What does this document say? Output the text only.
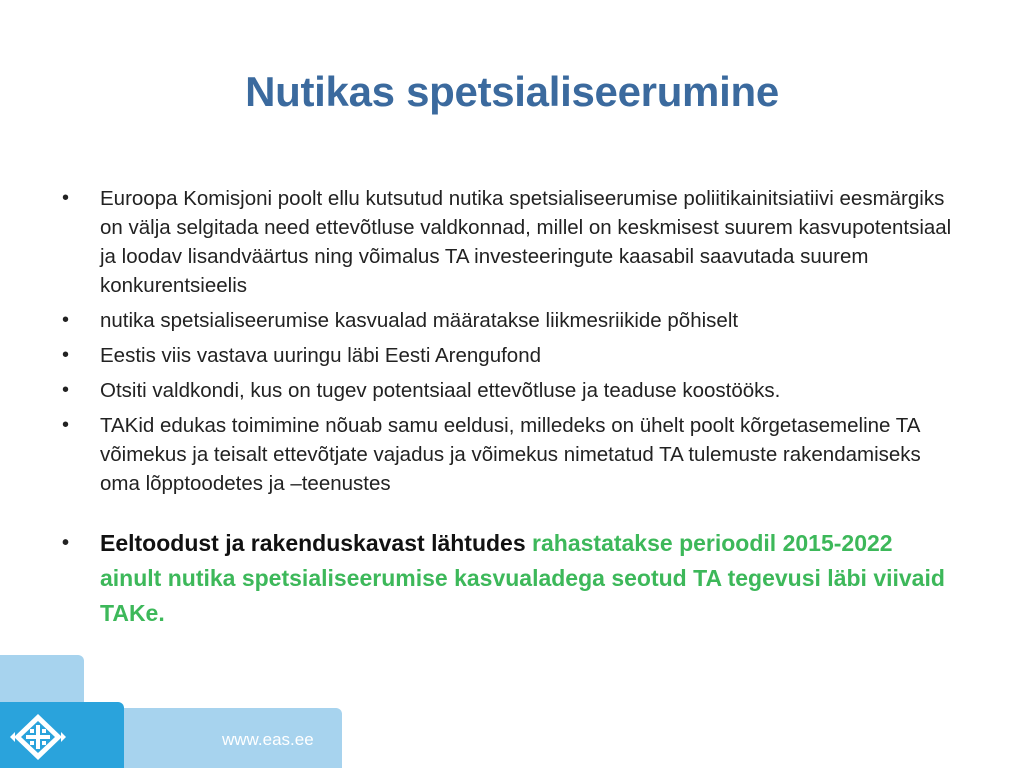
Nutikas spetsialiseerumine
• Euroopa Komisjoni poolt ellu kutsutud nutika spetsialiseerumise poliitikainitsiatiivi eesmärgiks on välja selgitada need ettevõtluse valdkonnad, millel on keskmisest suurem kasvupotentsiaal ja loodav lisandväärtus ning võimalus TA investeeringute kaasabil saavutada suurem konkurentsieelis
• nutika spetsialiseerumise kasvualad määratakse liikmesriikide põhiselt
• Eestis viis vastava uuringu läbi Eesti Arengufond
• Otsiti valdkondi, kus on tugev potentsiaal ettevõtluse ja teaduse koostööks.
• TAKid edukas toimimine nõuab samu eeldusi, milledeks on ühelt poolt kõrgetasemeline TA võimekus ja teisalt ettevõtjate vajadus ja võimekus nimetatud TA tulemuste rakendamiseks oma lõpptoodetes ja –teenustes
• Eeltoodust ja rakenduskavast lähtudes rahastatakse perioodil 2015-2022 ainult nutika spetsialiseerumise kasvualadega seotud TA tegevusi läbi viivaid TAKe.
www.eas.ee
